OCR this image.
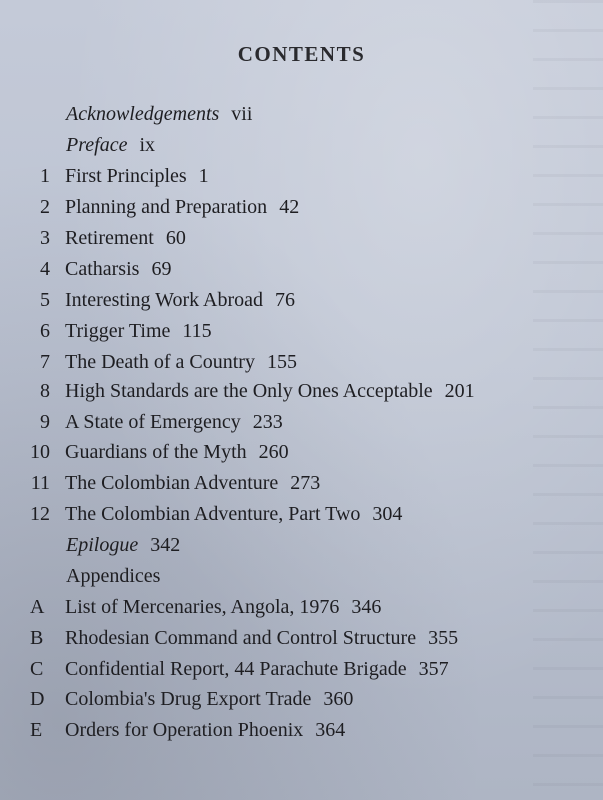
CONTENTS
Acknowledgements vii
Preface ix
1 First Principles 1
2 Planning and Preparation 42
3 Retirement 60
4 Catharsis 69
5 Interesting Work Abroad 76
6 Trigger Time 115
7 The Death of a Country 155
8 High Standards are the Only Ones Acceptable 201
9 A State of Emergency 233
10 Guardians of the Myth 260
11 The Colombian Adventure 273
12 The Colombian Adventure, Part Two 304
Epilogue 342
Appendices
A List of Mercenaries, Angola, 1976 346
B Rhodesian Command and Control Structure 355
C Confidential Report, 44 Parachute Brigade 357
D Colombia's Drug Export Trade 360
E Orders for Operation Phoenix 364
